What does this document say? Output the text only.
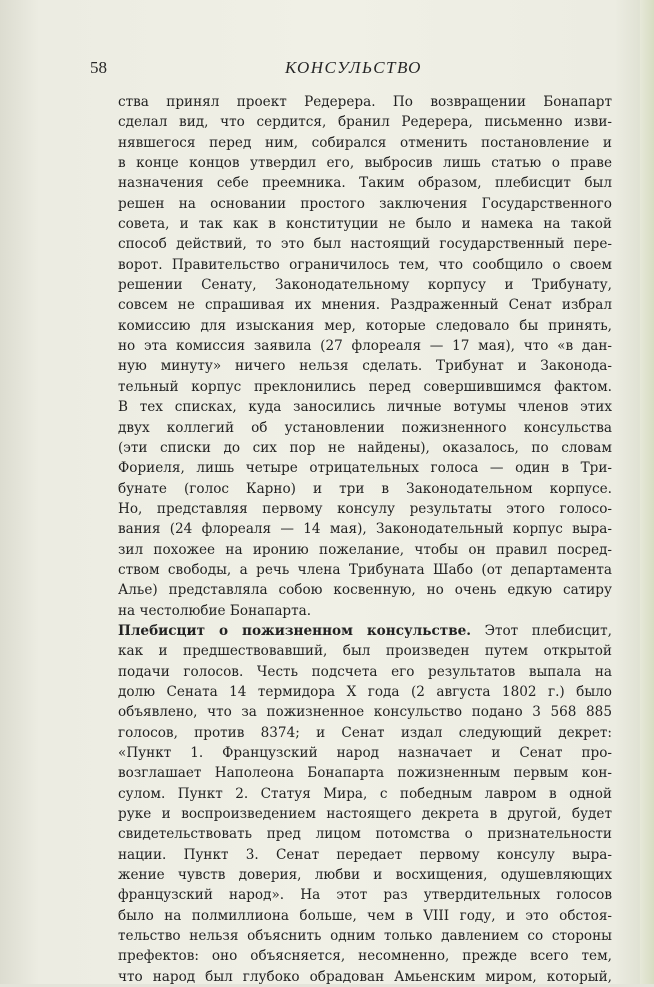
58	КОНСУЛЬСТВО
ства принял проект Редерера. По возвращении Бонапарт
сделал вид, что сердится, бранил Редерера, письменно изви-
нявшегося перед ним, собирался отменить постановление и
в конце концов утвердил его, выбросив лишь статью о праве
назначения себе преемника. Таким образом, плебисцит был
решен на основании простого заключения Государственного
совета, и так как в конституции не было и намека на такой
способ действий, то это был настоящий государственный пере-
ворот. Правительство ограничилось тем, что сообщило о своем
решении Сенату, Законодательному корпусу и Трибунату,
совсем не спрашивая их мнения. Раздраженный Сенат избрал
комиссию для изыскания мер, которые следовало бы принять,
но эта комиссия заявила (27 флореаля — 17 мая), что «в дан-
ную минуту» ничего нельзя сделать. Трибунат и Законода-
тельный корпус преклонились перед совершившимся фактом.
В тех списках, куда заносились личные вотумы членов этих
двух коллегий об установлении пожизненного консульства
(эти списки до сих пор не найдены), оказалось, по словам
Фориеля, лишь четыре отрицательных голоса — один в Три-
бунате (голос Карно) и три в Законодательном корпусе.
Но, представляя первому консулу результаты этого голосо-
вания (24 флореаля — 14 мая), Законодательный корпус выра-
зил похожее на иронию пожелание, чтобы он правил посред-
ством свободы, а речь члена Трибуната Шабо (от департамента
Алье) представляла собою косвенную, но очень едкую сатиру
на честолюбие Бонапарта.
Плебисцит о пожизненном консульстве. Этот плебисцит,
как и предшествовавший, был произведен путем открытой
подачи голосов. Честь подсчета его результатов выпала на
долю Сената 14 термидора X года (2 августа 1802 г.) было
объявлено, что за пожизненное консульство подано 3 568 885
голосов, против 8374; и Сенат издал следующий декрет:
«Пункт 1. Французский народ назначает и Сенат про-
возглашает Наполеона Бонапарта пожизненным первым кон-
сулом. Пункт 2. Статуя Мира, с победным лавром в одной
руке и воспроизведением настоящего декрета в другой, будет
свидетельствовать пред лицом потомства о признательности
нации. Пункт 3. Сенат передает первому консулу выра-
жение чувств доверия, любви и восхищения, одушевляющих
французский народ». На этот раз утвердительных голосов
было на полмиллиона больше, чем в VIII году, и это обстоя-
тельство нельзя объяснить одним только давлением со стороны
префектов: оно объясняется, несомненно, прежде всего тем,
что народ был глубоко обрадован Амьенским миром, который,
